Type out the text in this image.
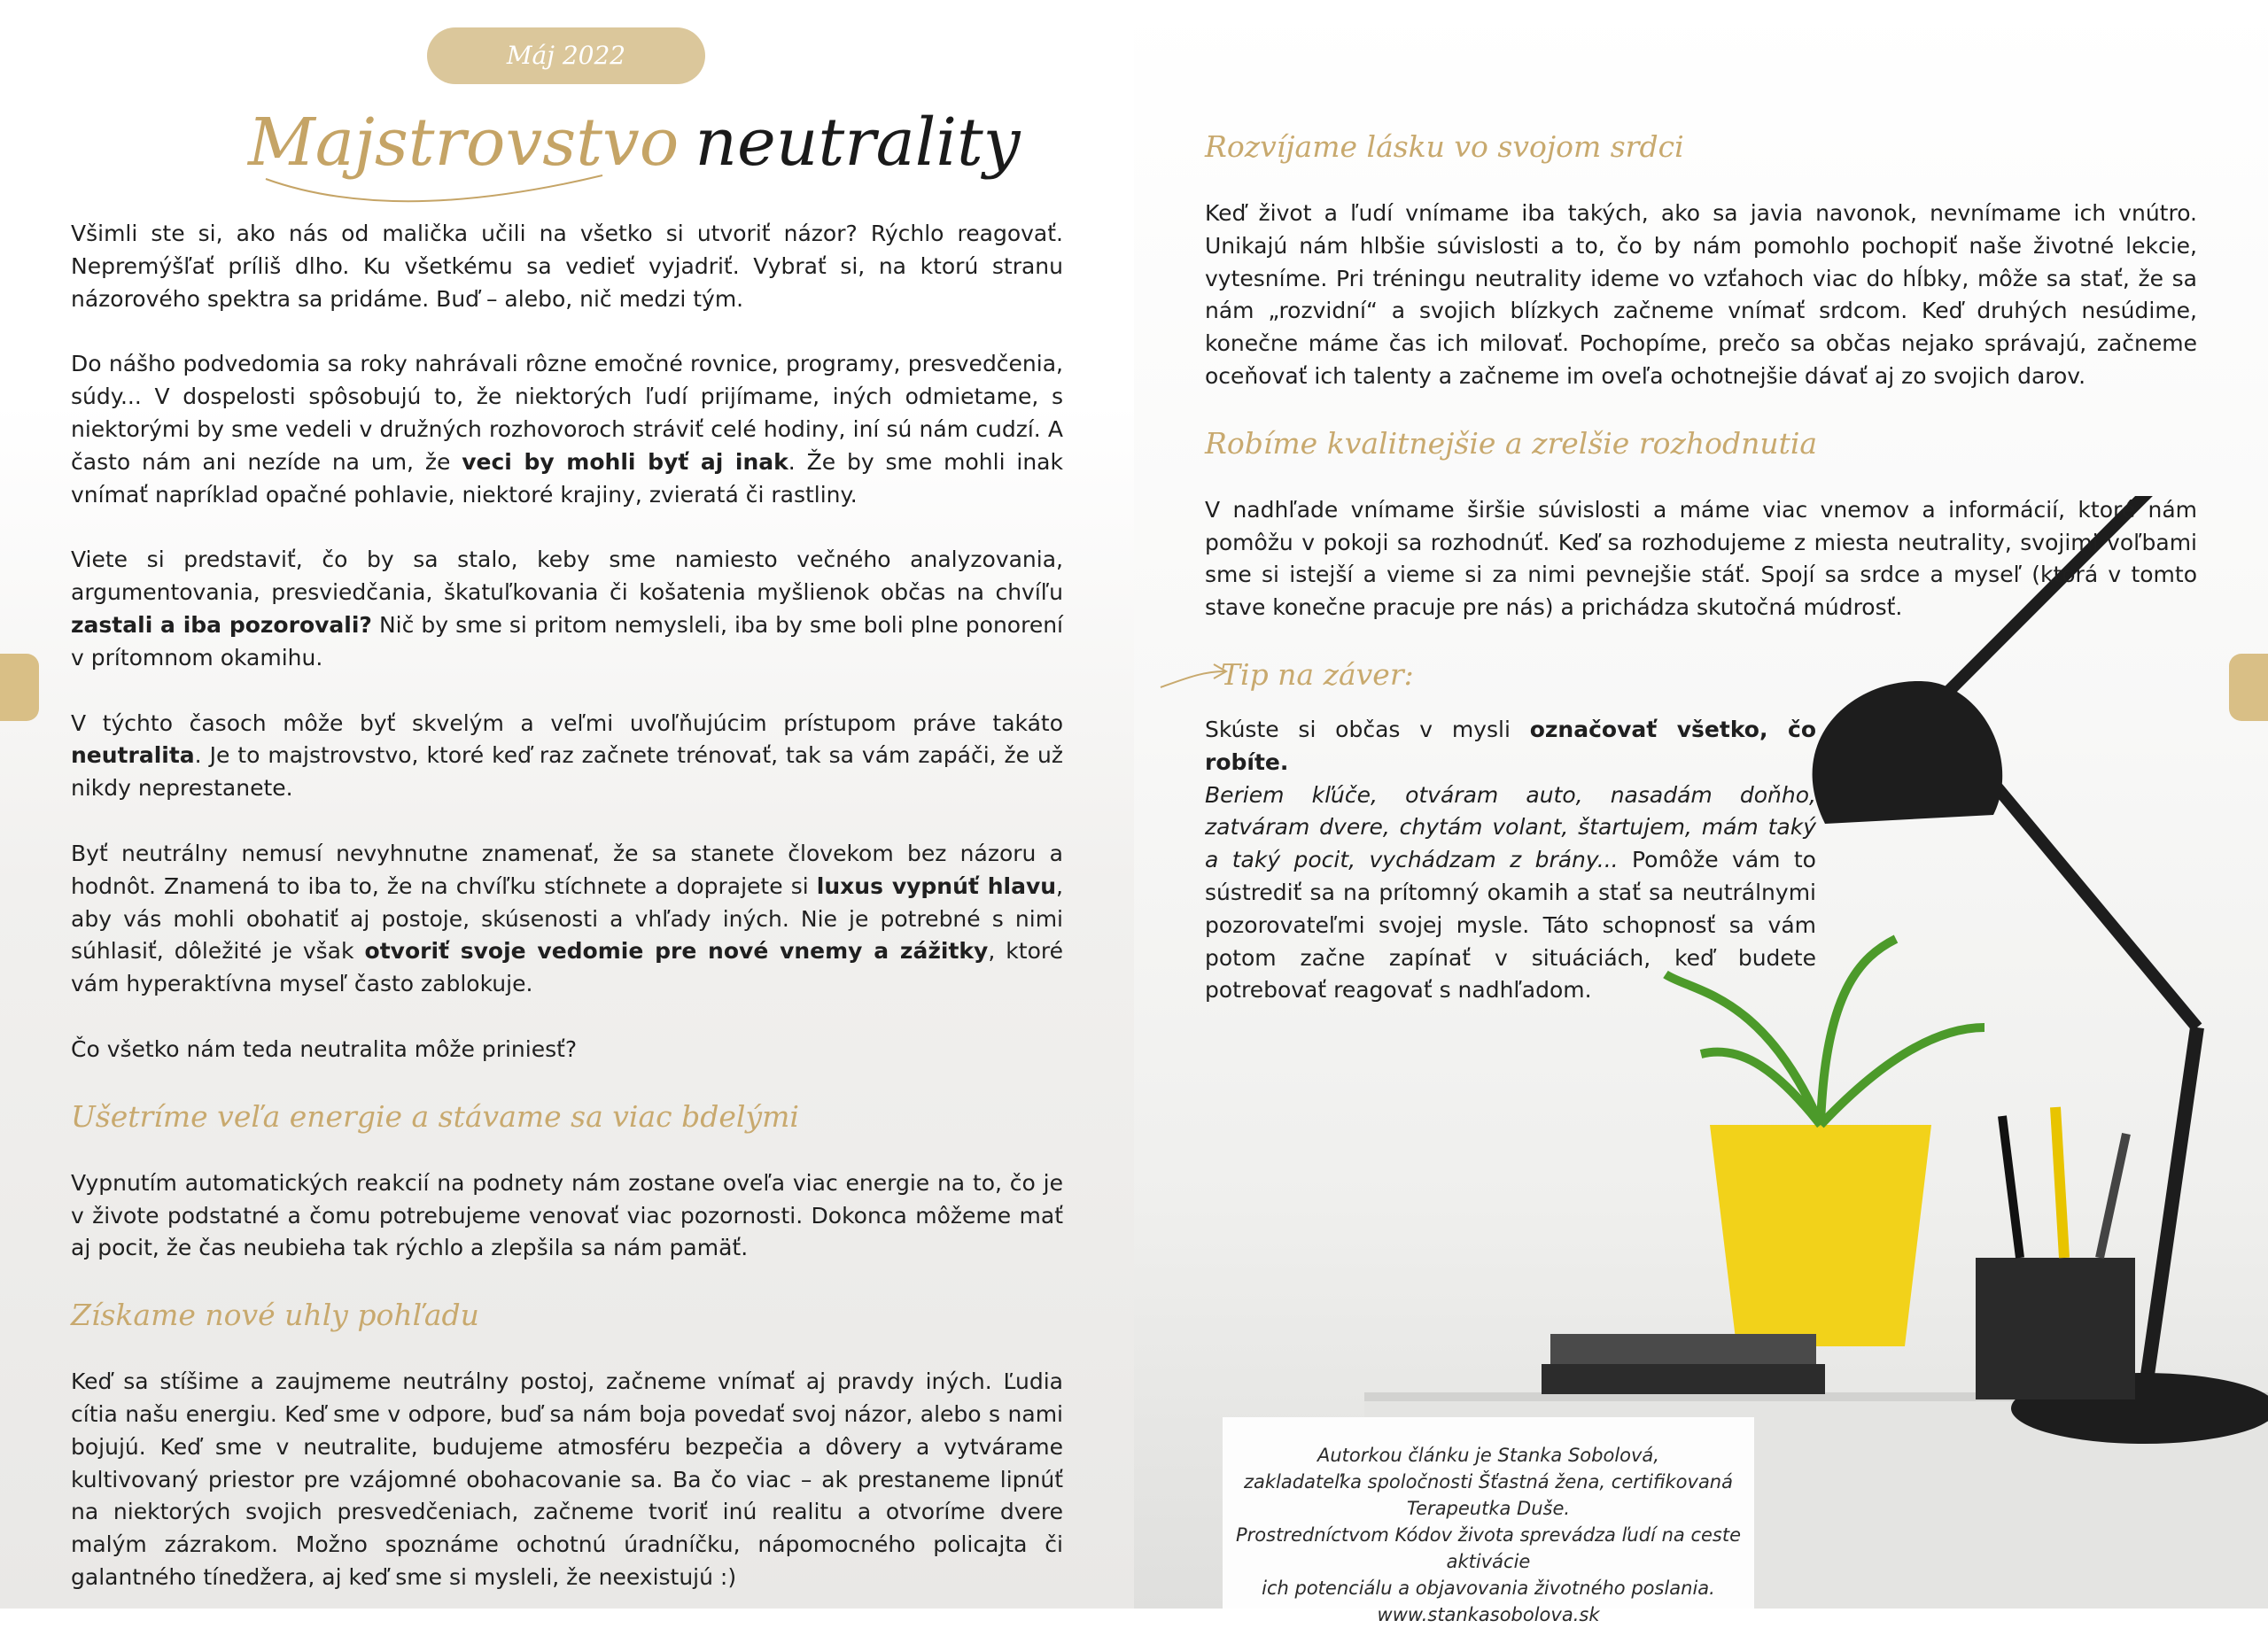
Máj 2022
Majstrovstvo neutrality

Všimli ste si, ako nás od malička učili na všetko si utvoriť názor? Rýchlo reagovať. Nepremýšľať príliš dlho. Ku všetkému sa vedieť vyjadriť. Vybrať si, na ktorú stranu názorového spektra sa pridáme. Buď – alebo, nič medzi tým.

Do nášho podvedomia sa roky nahrávali rôzne emočné rovnice, programy, presvedčenia, súdy... V dospelosti spôsobujú to, že niektorých ľudí prijímame, iných odmietame, s niektorými by sme vedeli v družných rozhovoroch stráviť celé hodiny, iní sú nám cudzí. A často nám ani nezíde na um, že veci by mohli byť aj inak. Že by sme mohli inak vnímať napríklad opačné pohlavie, niektoré krajiny, zvieratá či rastliny.

Viete si predstaviť, čo by sa stalo, keby sme namiesto večného analyzovania, argumentovania, presviedčania, škatuľkovania či košatenia myšlienok občas na chvíľu zastali a iba pozorovali? Nič by sme si pritom nemysleli, iba by sme boli plne ponorení v prítomnom okamihu.

V týchto časoch môže byť skvelým a veľmi uvoľňujúcim prístupom práve takáto neutralita. Je to majstrovstvo, ktoré keď raz začnete trénovať, tak sa vám zapáči, že už nikdy neprestanete.

Byť neutrálny nemusí nevyhnutne znamenať, že sa stanete človekom bez názoru a hodnôt. Znamená to iba to, že na chvíľku stíchnete a doprajete si luxus vypnúť hlavu, aby vás mohli obohatiť aj postoje, skúsenosti a vhľady iných. Nie je potrebné s nimi súhlasiť, dôležité je však otvoriť svoje vedomie pre nové vnemy a zážitky, ktoré vám hyperaktívna myseľ často zablokuje.

Čo všetko nám teda neutralita môže priniesť?

Ušetríme veľa energie a stávame sa viac bdelými

Vypnutím automatických reakcií na podnety nám zostane oveľa viac energie na to, čo je v živote podstatné a čomu potrebujeme venovať viac pozornosti. Dokonca môžeme mať aj pocit, že čas neubieha tak rýchlo a zlepšila sa nám pamäť.

Získame nové uhly pohľadu

Keď sa stíšime a zaujmeme neutrálny postoj, začneme vnímať aj pravdy iných. Ľudia cítia našu energiu. Keď sme v odpore, buď sa nám boja povedať svoj názor, alebo s nami bojujú. Keď sme v neutralite, budujeme atmosféru bezpečia a dôvery a vytvárame kultivovaný priestor pre vzájomné obohacovanie sa. Ba čo viac – ak prestaneme lipnúť na niektorých svojich presvedčeniach, začneme tvoriť inú realitu a otvoríme dvere malým zázrakom. Možno spoznáme ochotnú úradníčku, nápomocného policajta či galantného tínedžera, aj keď sme si mysleli, že neexistujú :)

Rozvíjame lásku vo svojom srdci

Keď život a ľudí vnímame iba takých, ako sa javia navonok, nevnímame ich vnútro. Unikajú nám hlbšie súvislosti a to, čo by nám pomohlo pochopiť naše životné lekcie, vytesníme. Pri tréningu neutrality ideme vo vzťahoch viac do hĺbky, môže sa stať, že sa nám „rozvidní“ a svojich blízkych začneme vnímať srdcom. Keď druhých nesúdime, konečne máme čas ich milovať. Pochopíme, prečo sa občas nejako správajú, začneme oceňovať ich talenty a začneme im oveľa ochotnejšie dávať aj zo svojich darov.

Robíme kvalitnejšie a zrelšie rozhodnutia

V nadhľade vnímame širšie súvislosti a máme viac vnemov a informácií, ktoré nám pomôžu v pokoji sa rozhodnúť. Keď sa rozhodujeme z miesta neutrality, svojimi voľbami sme si istejší a vieme si za nimi pevnejšie stáť. Spojí sa srdce a myseľ (ktorá v tomto stave konečne pracuje pre nás) a prichádza skutočná múdrosť.

Tip na záver:

Skúste si občas v mysli označovať všetko, čo robíte.
Beriem kľúče, otváram auto, nasadám doňho, zatváram dvere, chytám volant, štartujem, mám taký a taký pocit, vychádzam z brány... Pomôže vám to sústrediť sa na prítomný okamih a stať sa neutrálnymi pozorovateľmi svojej mysle. Táto schopnosť sa vám potom začne zapínať v situáciách, keď budete potrebovať reagovať s nadhľadom.

Autorkou článku je Stanka Sobolová,
zakladateľka spoločnosti Šťastná žena, certifikovaná Terapeutka Duše.
Prostredníctvom Kódov života sprevádza ľudí na ceste aktivácie
ich potenciálu a objavovania životného poslania.
www.stankasobolova.sk
